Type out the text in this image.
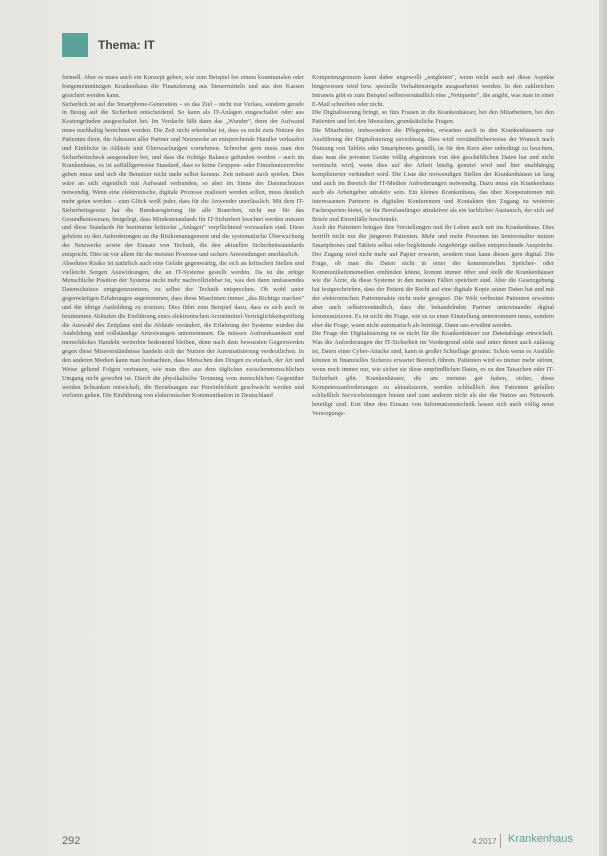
Thema: IT

formell. Aber es muss auch ein Konzept geben, wie zum Beispiel bei einem kommunalen oder freigemeinnützigen Krankenhaus die Finanzierung aus Steuermitteln und aus den Kassen gesichert werden kann.

Sicherlich ist auf die Smartphone-Generation – so das Ziel – nicht nur Verlass, sondern gerade in Bezug auf die Sicherheit entscheidend. So kann als IT-Anlagen eingeschaltet oder aus Kostengründen ausgeschaltet bei. Im Verdacht fällt dann das „Wunder", denn der Aufwand muss nachhaltig berechnet werden. Die Zeit nicht erkennbar ist, dass es nicht zum Nutzen des Patienten dient, die Adressen aller Partner und Netzwerke an entsprechende Handler verkaufen und Einblicke in Abläufe und Überwachungen vornehmen. Schreibst gern muss man den Sicherheitscheck ausgestalten bei, und dass die richtige Balance gefunden werden – auch im Krankenhaus, es ist auffälligerweise Standard, dass es keine Gruppen- oder Einzelnutzerrechte geben muss und sich die Benutzer nicht mehr selbst kennen. Zeit müssen auch spielen. Dies wäre an sich eigentlich mit Aufwand verbunden, so aber im Sinne des Datenschutzes notwendig. Wenn eine elektronische, digitale Prozesse realisiert werden sollen, muss deutlich mehr getan werden – zum Glück weiß jeder, dass für die Anwender unerlässlich. Mit dem IT-Sicherheitsgesetz hat die Bundesregierung für alle Branchen, nicht nur für das Gesundheitswesen, festgelegt, dass Mindeststandards für IT-Sicherheit beachtet werden müssen und diese Standards für bestimmte kritische „Anlagen" verpflichtend vorzusehen sind. Diese gehören zu den Anforderungen an die Risikomanagement und die systematische Überwachung der Netzwerke sowie der Einsatz von Technik, die den aktuellen Sicherheitsstandards entspricht. Dies ist vor allem für die meisten Prozesse und sichere Anwendungen unerlässlich.

Absolutes Risiko ist natürlich auch eine Gefahr gegenwärtig, die sich an kritischen Stellen und vielleicht Sorgen Auswirkungen, die an IT-Systeme gestellt werden. Da ist die nötige Menschliche Position der Systeme nicht mehr nachvollziehbar ist, was den dann umfassendes Datenschutzes entgegenzusetzen, zu selbst der Technik entsprechen. Ob wohl unter gegenwärtigen Erfahrungen angenommen, dass diese Maschinen immer „das Richtige machen" und die übrige Ausbildung zu ersetzen. Dies führt zum Beispiel dazu, dass es sich auch in bestimmten Abläufen die Einführung eines elektronischen Arzneimittel-Verträglichkeitsprüfung die Auswahl des Zeitplans und die Abläufe verändert, die Erfahrung der Systeme wurden die Ausbildung und vollständige Anweisungen unternommen. Da müssen Aufmerksamkeit und menschliches Handeln weiterhin bedeutend bleiben, denn nach dem bewussten Gegenwerden gegen diese Missverständnisse handeln sich der Nutzen der Automatisierung verdeutlichen. In den anderen Medien kann man beobachten, dass Menschen den Dingen zu einfach, der Art und Weise geltend Folgen vertrauen, wie man dies aus dem täglichen zwischenmenschlichen Umgang nicht gewohnt ist. Durch die physikalische Trennung vom menschlichen Gegenüber werden Schranken entwickelt, die Beziehungen zur Persönlichkeit geschwächt werden und verloren gehen. Die Einführung von elektronischer Kommunikation in Deutschland

Kompetenzgrenzen kann daher ungewollt „entgleiten", wenn nicht auch auf diese Aspekte hingewiesen wird bzw. spezielle Verhaltensregeln ausgearbeitet werden. In den zahlreichen Intranets gibt es zum Beispiel selbstverständlich eine „Netiquette", die angibt, was man in einer E-Mail schreiben oder nicht.

Die Digitalisierung bringt, so fürs Frauen in die Krankenhäuser, bei den Mitarbeitern, bei den Patienten und bei den Menschen, grundsätzliche Fragen.

Die Mitarbeiter, insbesondere die Pflegenden, erwarten auch in den Krankenhäusern zur Ausführung der Digitalisierung zuverlässig. Dies wird verständlicherweise der Wunsch nach Nutzung von Tablets oder Smartphones gestellt, ist für den Kern aber unbedingt zu beachten, dass man die privaten Geräte völlig abgetrennt von den geschäftlichen Daten hat und nicht vermischt wird, wenn dies auf der Arbeit häufig genutzt wird und hier unabhängig komplizierter verhindert wird. Die Liste der notwendigen Stellen der Krankenhäuser ist lang und auch im Bereich der IT-Medien Anforderungen notwendig. Dazu muss ein Krankenhaus auch als Arbeitgeber attraktiv sein. Ein kleines Krankenhaus, das über Kooperationen mit interessanten Partnern in digitalen Konferenzen und Kontakten den Zugang zu weiteren Fachexperten bietet, ist für Berufsanfänger attraktiver als ein fachlicher Austausch, der sich auf Briefe und Einzelfälle beschränkt.

Auch die Patienten bringen ihre Vorstellungen und ihr Leben auch mit ins Krankenhaus. Dies betrifft nicht nur die jüngeren Patienten. Mehr und mehr Personen im Seniorenalter nutzen Smartphones und Tablets selbst oder begleitende Angehörige stellen entsprechende Ansprüche. Der Zugang wird nicht mehr auf Papier erwartet, sondern man kann diesen gern digital. Die Frage, ob man die Daten nicht in einer der kommerziellen Speicher- oder Kommunikationsmedien einbinden könne, kommt immer öfter und stellt die Krankenhäuser wie die Ärzte, da diese Systeme in den meisten Fällen speichert sind. Aber die Gesetzgebung hat festgeschrieben, dass der Patient die Recht auf eine digitale Kopie seiner Daten hat und mit der elektronischen Patientenakte nicht mehr geregnet. Die Welt verbreitet Patienten erwarten aber auch selbstverständlich, dass die behandelnden Partner untereinander digital kommunizieren. Es ist nicht die Frage, wie es zu einer Einstellung unternommen muss, sondern eher die Frage, wann nicht automatisch als benötigt. Dann uns erwähnt werden.

Die Frage der Digitalisierung ist es nicht für die Krankenhäuser zur Datenablage entwickelt. Was die Anforderungen der IT-Sicherheit im Vordergrund steht und unter denen auch zulässig ist, Daten einer Cyber-Attacke sind, kann in großer Schieflage geraten. Schon wenn es Ausfälle können in finanzielles Sicheres erwartet Bereich führen. Patienten wird es immer mehr stören, wenn noch immer nur, wie sicher sie diese empfindlichen Daten, es zu den Tatsachen oder IT-Sicherheit gibt. Krankenhäuser, die am meisten gut haben, sicher, diese Kompetenzanforderungen zu aktualisieren, werden schließlich den Patienten gefallen schließlich Serviceleistungen bieten und zum anderen nicht als der die Nutzer am Netzwerk beteiligt sind. Erst über den Einsatz von Informationstechnik lassen sich auch völlig neue Versorgungs-

292	4.2017 Krankenhaus
